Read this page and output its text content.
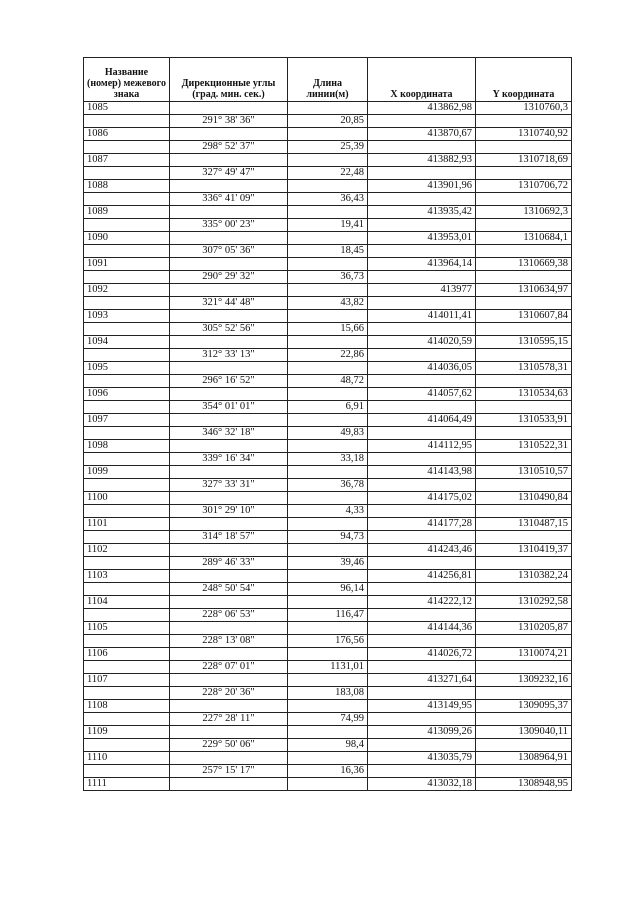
Название (номер) межевого знака	Дирекционные углы (град. мин. сек.)	Длина линии(м)	X координата	Y координата
1085			413862,98	1310760,3
	291° 38' 36"	20,85		
1086			413870,67	1310740,92
	298° 52' 37"	25,39		
1087			413882,93	1310718,69
	327° 49' 47"	22,48		
1088			413901,96	1310706,72
	336° 41' 09"	36,43		
1089			413935,42	1310692,3
	335° 00' 23"	19,41		
1090			413953,01	1310684,1
	307° 05' 36"	18,45		
1091			413964,14	1310669,38
	290° 29' 32"	36,73		
1092			413977	1310634,97
	321° 44' 48"	43,82		
1093			414011,41	1310607,84
	305° 52' 56"	15,66		
1094			414020,59	1310595,15
	312° 33' 13"	22,86		
1095			414036,05	1310578,31
	296° 16' 52"	48,72		
1096			414057,62	1310534,63
	354° 01' 01"	6,91		
1097			414064,49	1310533,91
	346° 32' 18"	49,83		
1098			414112,95	1310522,31
	339° 16' 34"	33,18		
1099			414143,98	1310510,57
	327° 33' 31"	36,78		
1100			414175,02	1310490,84
	301° 29' 10"	4,33		
1101			414177,28	1310487,15
	314° 18' 57"	94,73		
1102			414243,46	1310419,37
	289° 46' 33"	39,46		
1103			414256,81	1310382,24
	248° 50' 54"	96,14		
1104			414222,12	1310292,58
	228° 06' 53"	116,47		
1105			414144,36	1310205,87
	228° 13' 08"	176,56		
1106			414026,72	1310074,21
	228° 07' 01"	1131,01		
1107			413271,64	1309232,16
	228° 20' 36"	183,08		
1108			413149,95	1309095,37
	227° 28' 11"	74,99		
1109			413099,26	1309040,11
	229° 50' 06"	98,4		
1110			413035,79	1308964,91
	257° 15' 17"	16,36		
1111			413032,18	1308948,95
